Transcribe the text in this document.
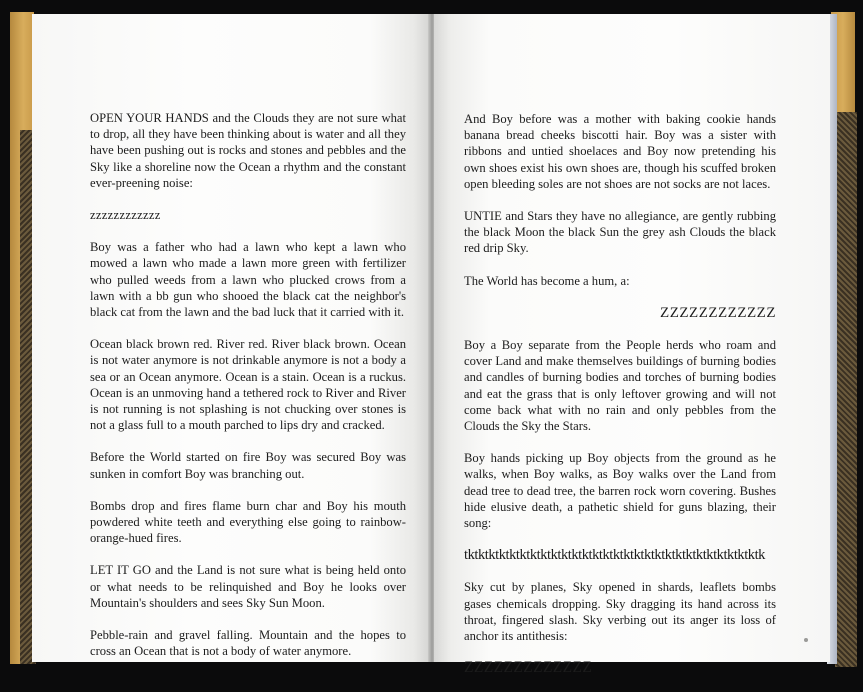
OPEN YOUR HANDS and the Clouds they are not sure what to drop, all they have been thinking about is water and all they have been pushing out is rocks and stones and pebbles and the Sky like a shoreline now the Ocean a rhythm and the constant ever-preening noise:

zzzzzzzzzzzz

Boy was a father who had a lawn who kept a lawn who mowed a lawn who made a lawn more green with fertilizer who pulled weeds from a lawn who plucked crows from a lawn with a bb gun who shooed the black cat the neighbor's black cat from the lawn and the bad luck that it carried with it.

Ocean black brown red. River red. River black brown. Ocean is not water anymore is not drinkable anymore is not a body a sea or an Ocean anymore. Ocean is a stain. Ocean is a ruckus. Ocean is an unmoving hand a tethered rock to River and River is not running is not splashing is not chucking over stones is not a glass full to a mouth parched to lips dry and cracked.

Before the World started on fire Boy was secured Boy was sunken in comfort Boy was branching out.

Bombs drop and fires flame burn char and Boy his mouth powdered white teeth and everything else going to rainbow-orange-hued fires.

LET IT GO and the Land is not sure what is being held onto or what needs to be relinquished and Boy he looks over Mountain's shoulders and sees Sky Sun Moon.

Pebble-rain and gravel falling. Mountain and the hopes to cross an Ocean that is not a body of water anymore.

And Boy before was a mother with baking cookie hands banana bread cheeks biscotti hair. Boy was a sister with ribbons and untied shoelaces and Boy now pretending his own shoes exist his own shoes are, though his scuffed broken open bleeding soles are not shoes are not socks are not laces.

UNTIE and Stars they have no allegiance, are gently rubbing the black Moon the black Sun the grey ash Clouds the black red drip Sky.

The World has become a hum, a:

ZZZZZZZZZZZZ

Boy a Boy separate from the People herds who roam and cover Land and make themselves buildings of burning bodies and candles of burning bodies and torches of burning bodies and eat the grass that is only leftover growing and will not come back what with no rain and only pebbles from the Clouds the Sky the Stars.

Boy hands picking up Boy objects from the ground as he walks, when Boy walks, as Boy walks over the Land from dead tree to dead tree, the barren rock worn covering. Bushes hide elusive death, a pathetic shield for guns blazing, their song:

tktktktktktktktktktktktktktktktktktktktktktktktktktktktktk

Sky cut by planes, Sky opened in shards, leaflets bombs gases chemicals dropping. Sky dragging its hand across its throat, fingered slash. Sky verbing out its anger its loss of anchor its antithesis:

ZZZZZZZZZZZZZ
